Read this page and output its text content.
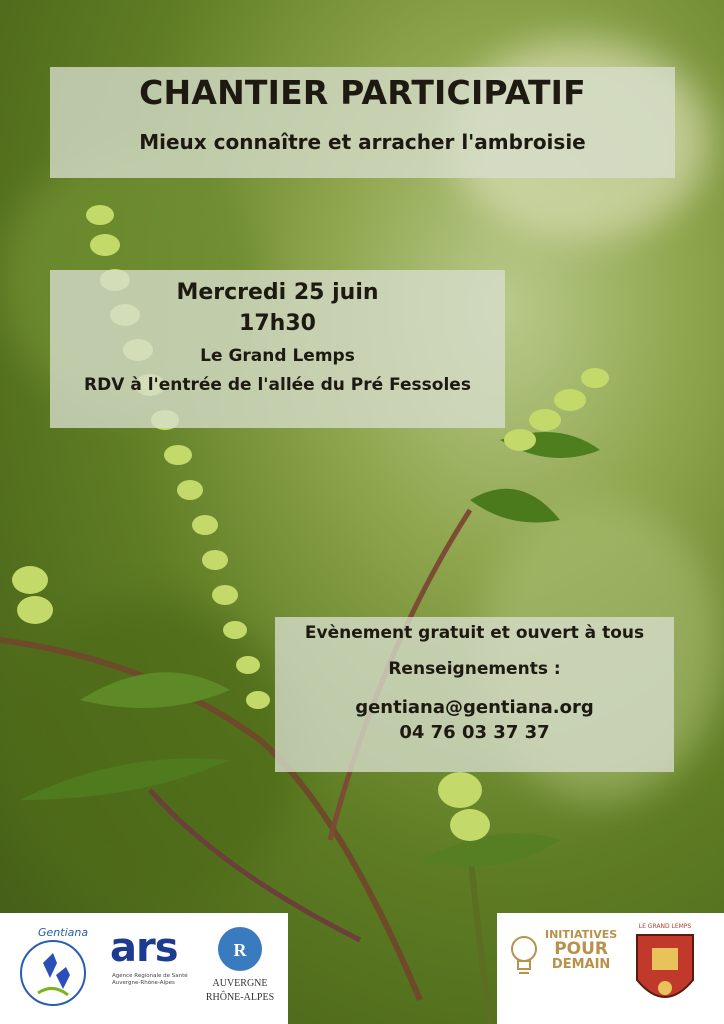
CHANTIER PARTICIPATIF
Mieux connaître et arracher l'ambroisie
Mercredi 25 juin
17h30
Le Grand Lemps
RDV à l'entrée de l'allée du Pré Fessoles
Evènement gratuit et ouvert à tous
Renseignements :
gentiana@gentiana.org
04 76 03 37 37
Gentiana ars
Agence Régionale de Santé Auvergne-Rhône-Alpes
R
AUVERGNE RHÔNE-ALPES
INITIATIVES
POUR
DEMAIN
LE GRAND LEMPS
